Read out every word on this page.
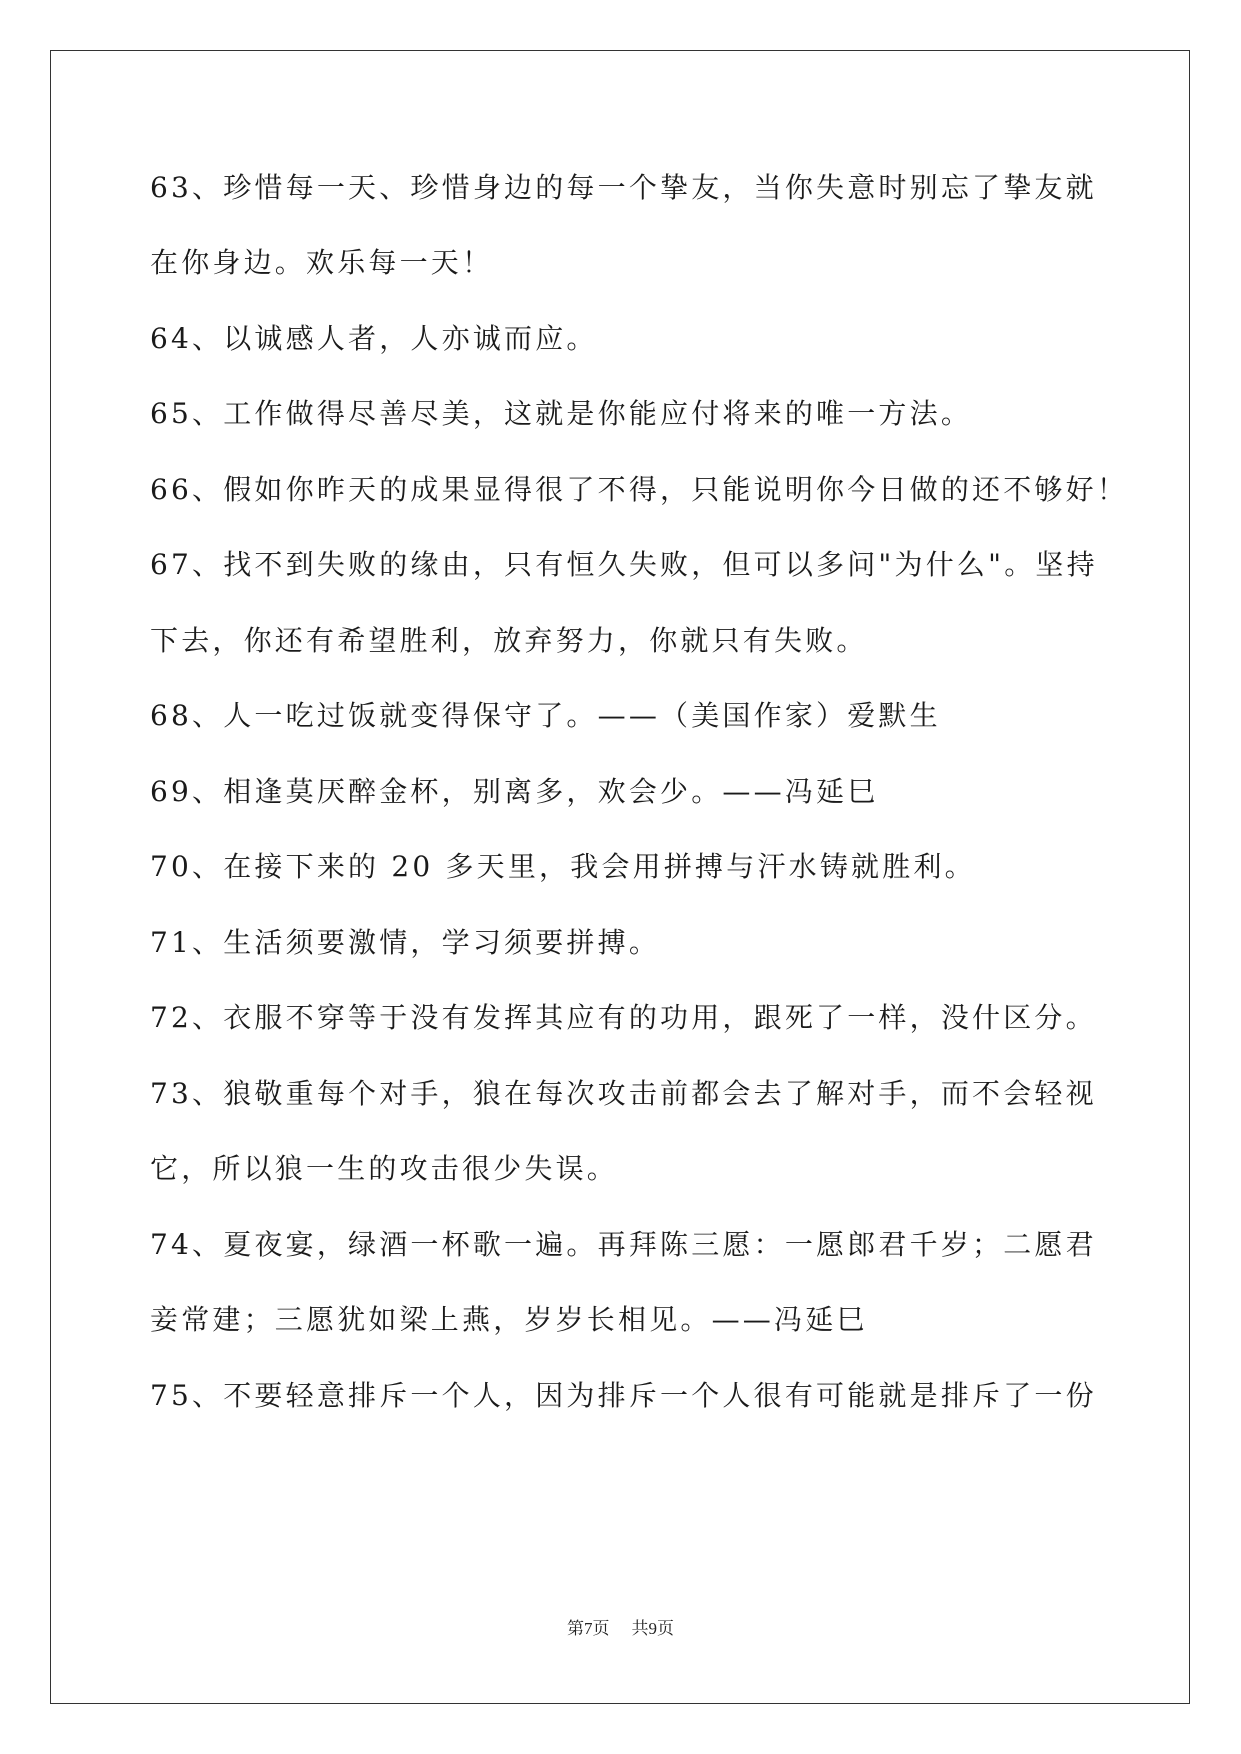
63、珍惜每一天、珍惜身边的每一个挚友，当你失意时别忘了挚友就
在你身边。欢乐每一天！
64、以诚感人者，人亦诚而应。
65、工作做得尽善尽美，这就是你能应付将来的唯一方法。
66、假如你昨天的成果显得很了不得，只能说明你今日做的还不够好！
67、找不到失败的缘由，只有恒久失败，但可以多问"为什么"。坚持
下去，你还有希望胜利，放弃努力，你就只有失败。
68、人一吃过饭就变得保守了。——（美国作家）爱默生
69、相逢莫厌醉金杯，别离多，欢会少。——冯延巳
70、在接下来的 20 多天里，我会用拼搏与汗水铸就胜利。
71、生活须要激情，学习须要拼搏。
72、衣服不穿等于没有发挥其应有的功用，跟死了一样，没什区分。
73、狼敬重每个对手，狼在每次攻击前都会去了解对手，而不会轻视
它，所以狼一生的攻击很少失误。
74、夏夜宴，绿酒一杯歌一遍。再拜陈三愿：一愿郎君千岁；二愿君
妾常建；三愿犹如梁上燕，岁岁长相见。——冯延巳
75、不要轻意排斥一个人，因为排斥一个人很有可能就是排斥了一份
第7页 共9页
